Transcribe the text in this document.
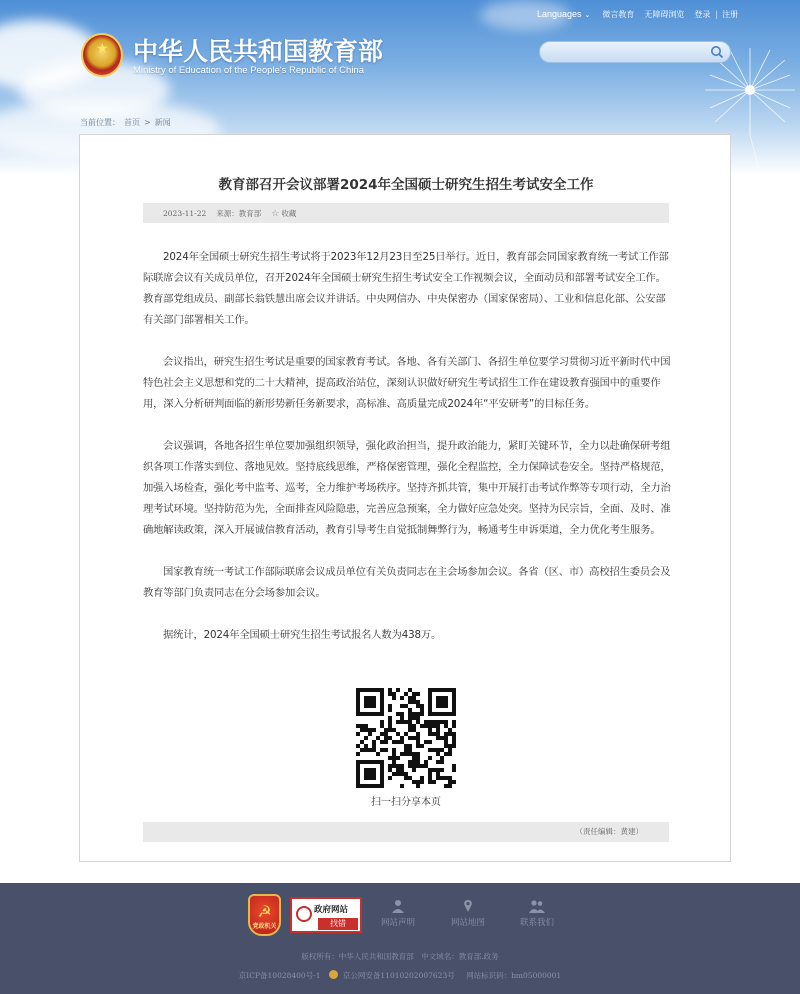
Languages ⌄ 微言教育 无障碍浏览 登录 | 注册
★ 中华人民共和国教育部
Ministry of Education of the People's Republic of China
当前位置： 首页 > 新闻
教育部召开会议部署2024年全国硕士研究生招生考试安全工作
2023-11-22 来源：教育部 ☆ 收藏

2024年全国硕士研究生招生考试将于2023年12月23日至25日举行。近日，教育部会同国家教育统一考试工作部际联席会议有关成员单位，召开2024年全国硕士研究生招生考试安全工作视频会议，全面动员和部署考试安全工作。教育部党组成员、副部长翁铁慧出席会议并讲话。中央网信办、中央保密办（国家保密局）、工业和信息化部、公安部有关部门部署相关工作。

会议指出，研究生招生考试是重要的国家教育考试。各地、各有关部门、各招生单位要学习贯彻习近平新时代中国特色社会主义思想和党的二十大精神，提高政治站位，深刻认识做好研究生考试招生工作在建设教育强国中的重要作用，深入分析研判面临的新形势新任务新要求，高标准、高质量完成2024年“平安研考”的目标任务。

会议强调，各地各招生单位要加强组织领导，强化政治担当，提升政治能力，紧盯关键环节，全力以赴确保研考组织各项工作落实到位、落地见效。坚持底线思维，严格保密管理，强化全程监控，全力保障试卷安全。坚持严格规范，加强入场检查，强化考中监考、巡考，全力维护考场秩序。坚持齐抓共管，集中开展打击考试作弊等专项行动，全力治理考试环境。坚持防范为先，全面排查风险隐患，完善应急预案，全力做好应急处突。坚持为民宗旨，全面、及时、准确地解读政策，深入开展诚信教育活动，教育引导考生自觉抵制舞弊行为，畅通考生申诉渠道，全力优化考生服务。

国家教育统一考试工作部际联席会议成员单位有关负责同志在主会场参加会议。各省（区、市）高校招生委员会及教育等部门负责同志在分会场参加会议。

据统计，2024年全国硕士研究生招生考试报名人数为438万。

扫一扫分享本页
（责任编辑：黄建）
☭
党政机关
政府网站
找错	网站声明	网站地图	联系我们
版权所有：中华人民共和国教育部　中文域名：教育部.政务
京ICP备10028400号-1	京公网安备11010202007623号 网站标识码：bm05000001
